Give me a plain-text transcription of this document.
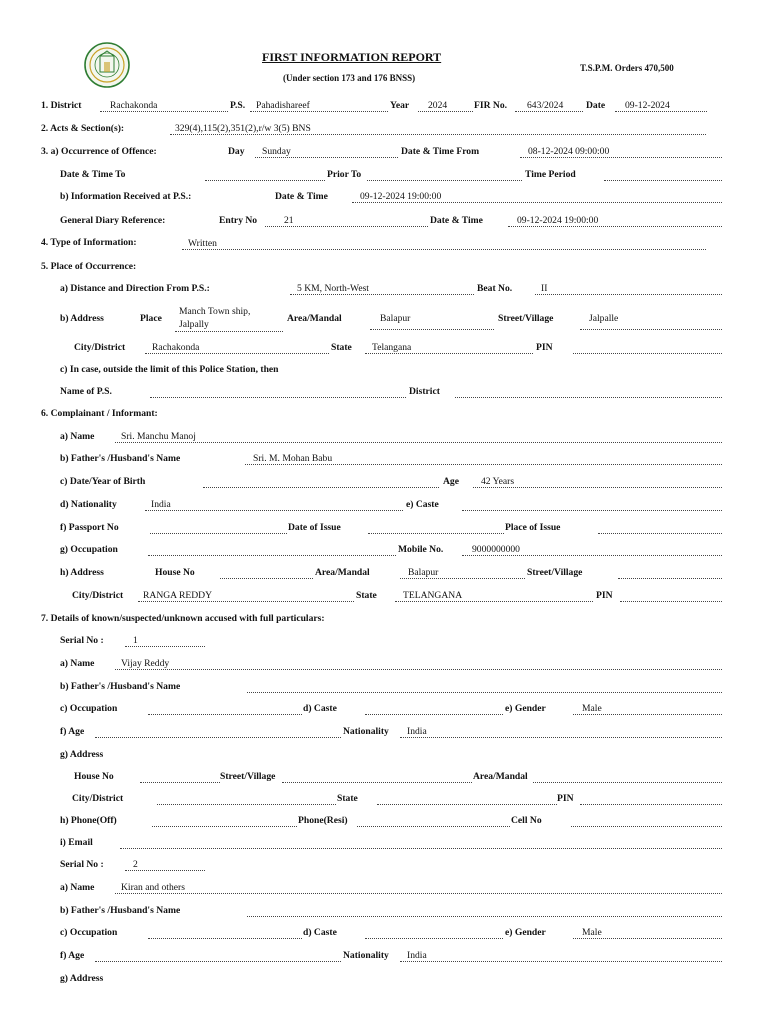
FIRST INFORMATION REPORT
(Under section 173 and 176 BNSS)
T.S.P.M. Orders 470,500
1. District	Rachakonda	P.S. Pahadishareef	Year 2024	FIR No. 643/2024 Date 09-12-2024
2. Acts & Section(s):	329(4),115(2),351(2),r/w 3(5) BNS
3. a) Occurrence of Offence:	Day Sunday	Date & Time From	08-12-2024 09:00:00
Date & Time To	Prior To	Time Period
b) Information Received at P.S.:	Date & Time	09-12-2024 19:00:00
General Diary Reference:	Entry No	21	Date & Time	09-12-2024 19:00:00
4. Type of Information:	Written
5. Place of Occurrence:
a) Distance and Direction From P.S.:	5 KM, North-West	Beat No.	II
b) Address	Place
Manch Town ship,
Jalpally
Area/Mandal	Balapur	Street/Village	Jalpalle
City/District	Rachakonda	State Telangana	PIN
c) In case, outside the limit of this Police Station, then
Name of P.S.	District
6. Complainant / Informant:
a) Name	Sri. Manchu Manoj
b) Father's /Husband's Name	Sri. M. Mohan Babu
c) Date/Year of Birth	Age 42 Years
d) Nationality	India	e) Caste
f) Passport No	Date of Issue	Place of Issue
g) Occupation	Mobile No.	9000000000
h) Address	House No	Area/Mandal	Balapur	Street/Village
City/District RANGA REDDY	State	TELANGANA	PIN
7. Details of known/suspected/unknown accused with full particulars:
Serial No :	1
a) Name	Vijay Reddy
b) Father's /Husband's Name
c) Occupation	d) Caste	e) Gender	Male
f) Age	Nationality India
g) Address
House No	Street/Village	Area/Mandal
City/District	State	PIN
h) Phone(Off)	Phone(Resi)	Cell No
i) Email
Serial No :	2
a) Name	Kiran and others
b) Father's /Husband's Name
c) Occupation	d) Caste	e) Gender	Male
f) Age	Nationality India
g) Address
